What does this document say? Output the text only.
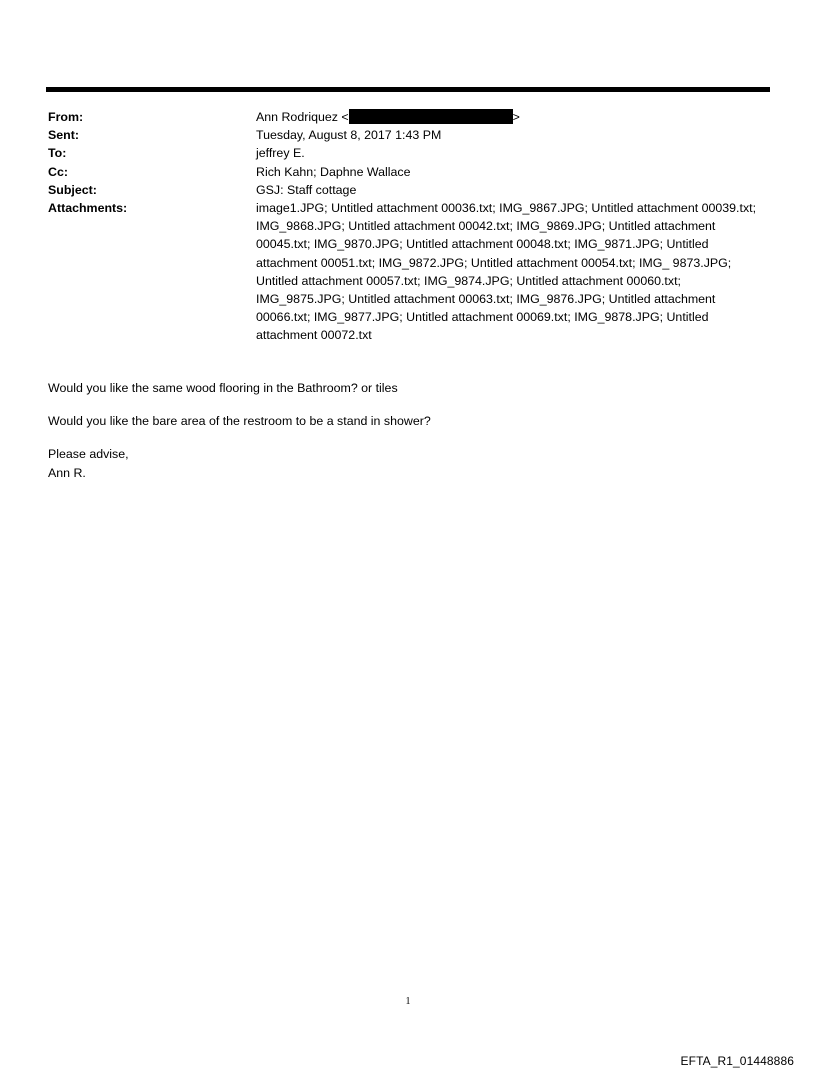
From:	Ann Rodriquez <	>
Sent:	Tuesday, August 8, 2017 1:43 PM
To:	jeffrey E.
Cc:	Rich Kahn; Daphne Wallace
Subject:	GSJ: Staff cottage
Attachments:	image1.JPG; Untitled attachment 00036.txt; IMG_9867.JPG; Untitled attachment 00039.txt; IMG_9868.JPG; Untitled attachment 00042.txt; IMG_9869.JPG; Untitled attachment 00045.txt; IMG_9870.JPG; Untitled attachment 00048.txt; IMG_9871.JPG; Untitled attachment 00051.txt; IMG_9872.JPG; Untitled attachment 00054.txt; IMG_ 9873.JPG; Untitled attachment 00057.txt; IMG_9874.JPG; Untitled attachment 00060.txt; IMG_9875.JPG; Untitled attachment 00063.txt; IMG_9876.JPG; Untitled attachment 00066.txt; IMG_9877.JPG; Untitled attachment 00069.txt; IMG_9878.JPG; Untitled attachment 00072.txt

Would you like the same wood flooring in the Bathroom? or tiles

Would you like the bare area of the restroom to be a stand in shower?

Please advise,

Ann R.

1
EFTA_R1_01448886
